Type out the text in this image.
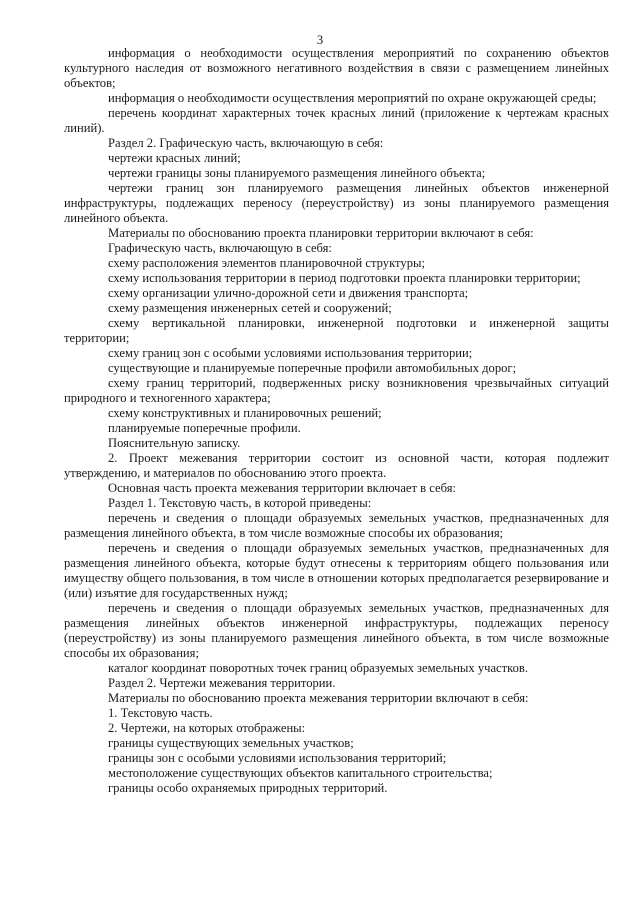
3

информация о необходимости осуществления мероприятий по сохранению объектов культурного наследия от возможного негативного воздействия в связи с размещением линейных объектов;

информация о необходимости осуществления мероприятий по охране окружающей среды;

перечень координат характерных точек красных линий (приложение к чертежам красных линий).

Раздел 2. Графическую часть, включающую в себя:

чертежи красных линий;

чертежи границы зоны планируемого размещения линейного объекта;

чертежи границ зон планируемого размещения линейных объектов инженерной инфраструктуры, подлежащих переносу (переустройству) из зоны планируемого размещения линейного объекта.

Материалы по обоснованию проекта планировки территории включают в себя:

Графическую часть, включающую в себя:

схему расположения элементов планировочной структуры;

схему использования территории в период подготовки проекта планировки территории;

схему организации улично-дорожной сети и движения транспорта;

схему размещения инженерных сетей и сооружений;

схему вертикальной планировки, инженерной подготовки и инженерной защиты территории;

схему границ зон с особыми условиями использования территории;

существующие и планируемые поперечные профили автомобильных дорог;

схему границ территорий, подверженных риску возникновения чрезвычайных ситуаций природного и техногенного характера;

схему конструктивных и планировочных решений;

планируемые поперечные профили.

Пояснительную записку.

2. Проект межевания территории состоит из основной части, которая подлежит утверждению, и материалов по обоснованию этого проекта.

Основная часть проекта межевания территории включает в себя:

Раздел 1. Текстовую часть, в которой приведены:

перечень и сведения о площади образуемых земельных участков, предназначенных для размещения линейного объекта, в том числе возможные способы их образования;

перечень и сведения о площади образуемых земельных участков, предназначенных для размещения линейного объекта, которые будут отнесены к территориям общего пользования или имуществу общего пользования, в том числе в отношении которых предполагается резервирование и (или) изъятие для государственных нужд;

перечень и сведения о площади образуемых земельных участков, предназначенных для размещения линейных объектов инженерной инфраструктуры, подлежащих переносу (переустройству) из зоны планируемого размещения линейного объекта, в том числе возможные способы их образования;

каталог координат поворотных точек границ образуемых земельных участков.

Раздел 2. Чертежи межевания территории.

Материалы по обоснованию проекта межевания территории включают в себя:

1. Текстовую часть.

2. Чертежи, на которых отображены:

границы существующих земельных участков;

границы зон с особыми условиями использования территорий;

местоположение существующих объектов капитального строительства;

границы особо охраняемых природных территорий.
